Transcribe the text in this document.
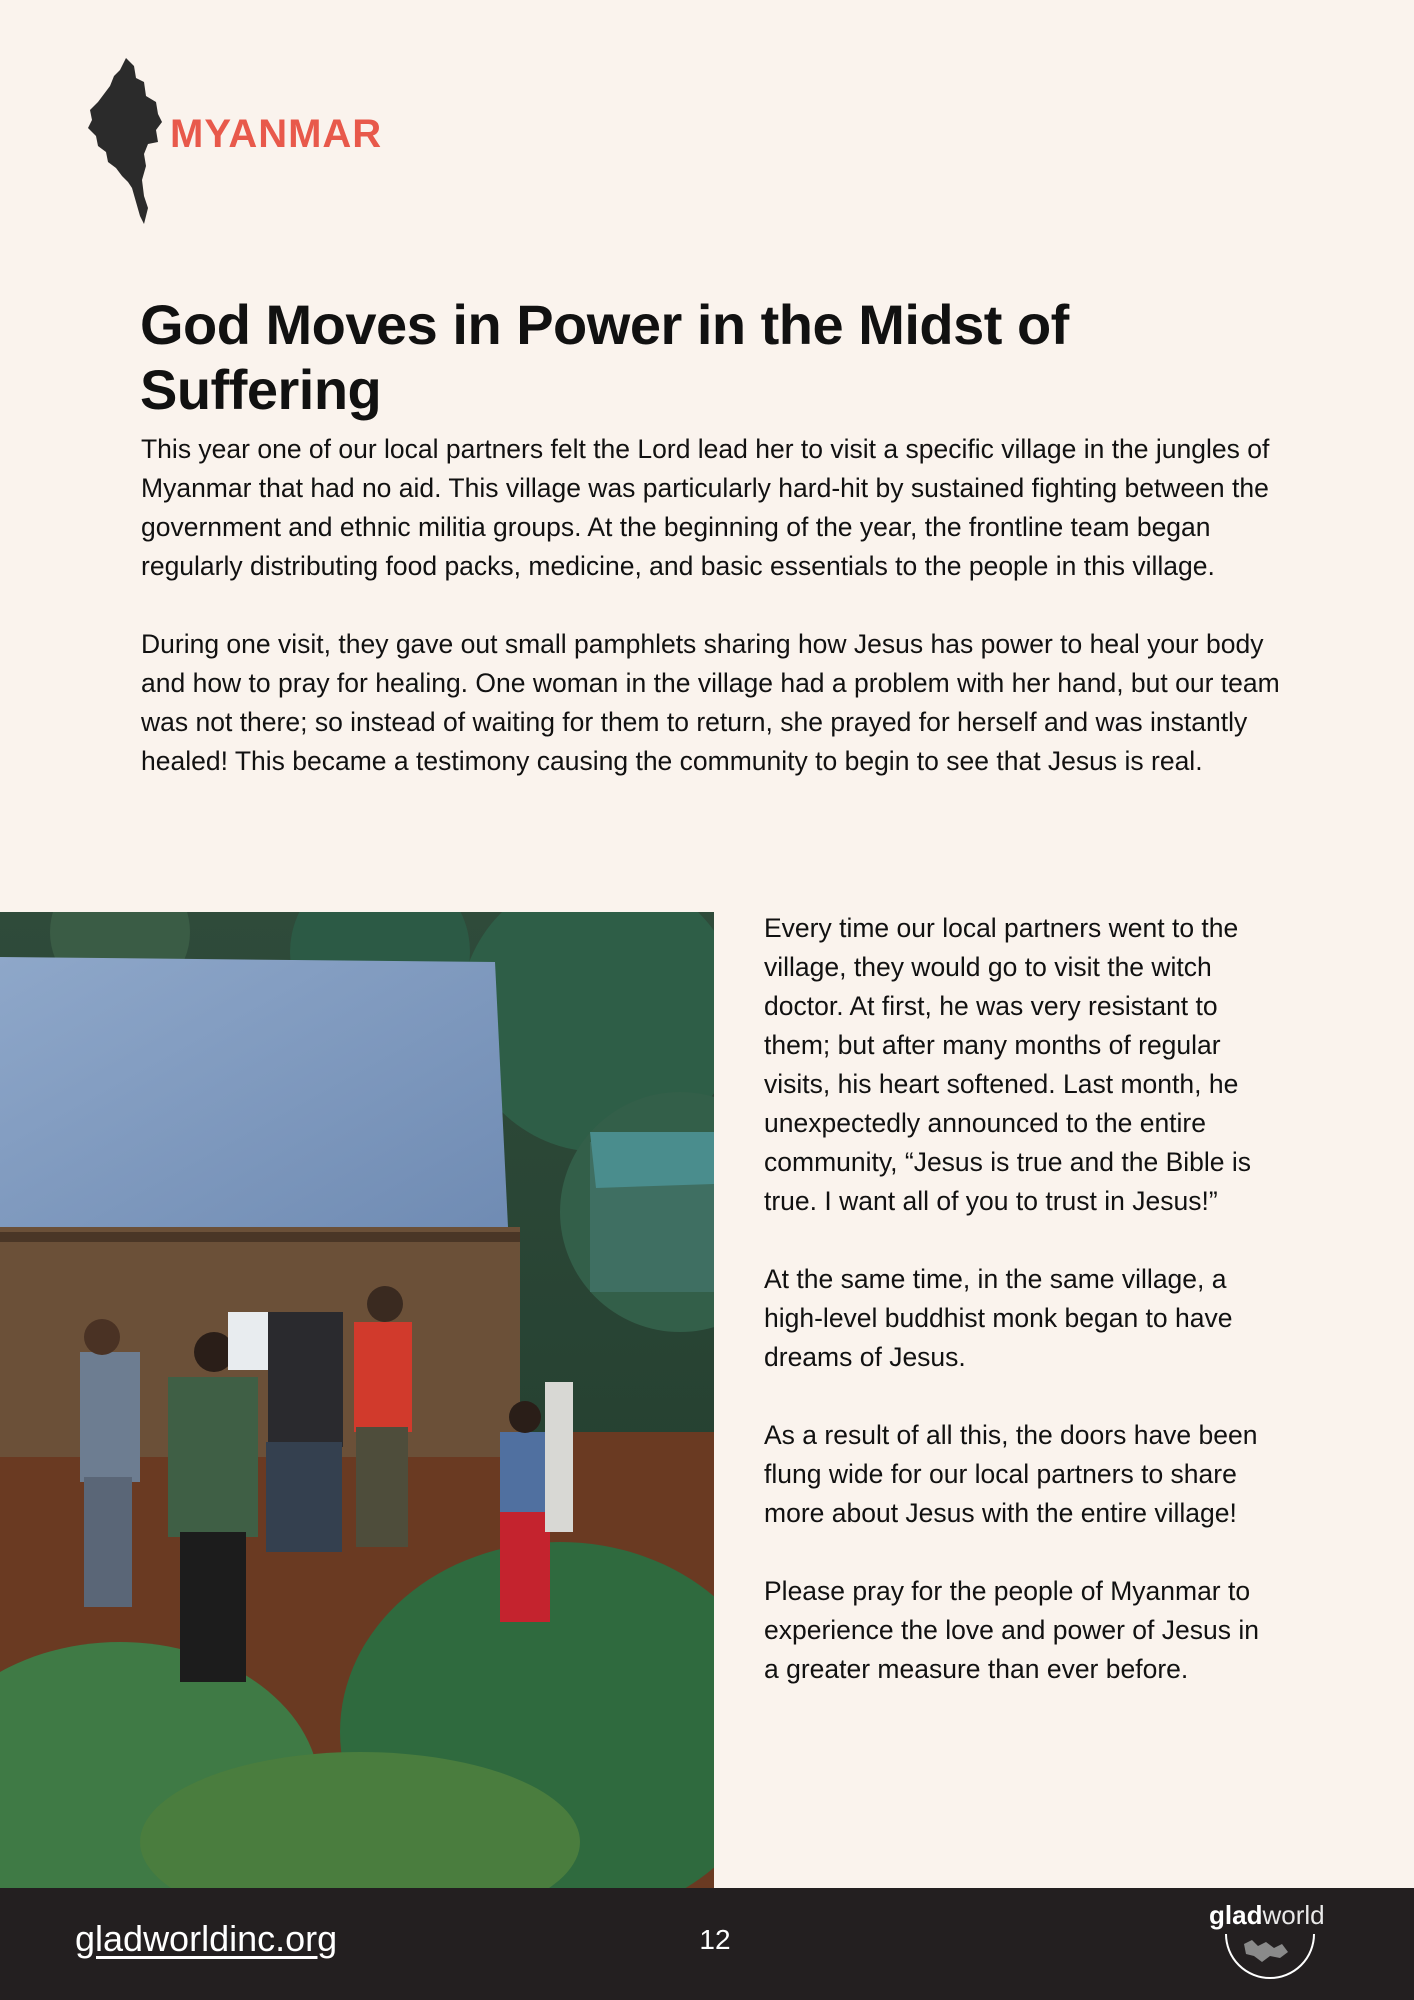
MYANMAR
God Moves in Power in the Midst of Suffering

This year one of our local partners felt the Lord lead her to visit a specific village in the jungles of Myanmar that had no aid. This village was particularly hard-hit by sustained fighting between the government and ethnic militia groups. At the beginning of the year, the frontline team began regularly distributing food packs, medicine, and basic essentials to the people in this village.

During one visit, they gave out small pamphlets sharing how Jesus has power to heal your body and how to pray for healing. One woman in the village had a problem with her hand, but our team was not there; so instead of waiting for them to return, she prayed for herself and was instantly healed! This became a testimony causing the community to begin to see that Jesus is real.

Every time our local partners went to the village, they would go to visit the witch doctor. At first, he was very resistant to them; but after many months of regular visits, his heart softened. Last month, he unexpectedly announced to the entire community, “Jesus is true and the Bible is true. I want all of you to trust in Jesus!”

At the same time, in the same village, a high-level buddhist monk began to have dreams of Jesus.

As a result of all this, the doors have been flung wide for our local partners to share more about Jesus with the entire village!

Please pray for the people of Myanmar to experience the love and power of Jesus in a greater measure than ever before.

gladworldinc.org	12
gladworld
